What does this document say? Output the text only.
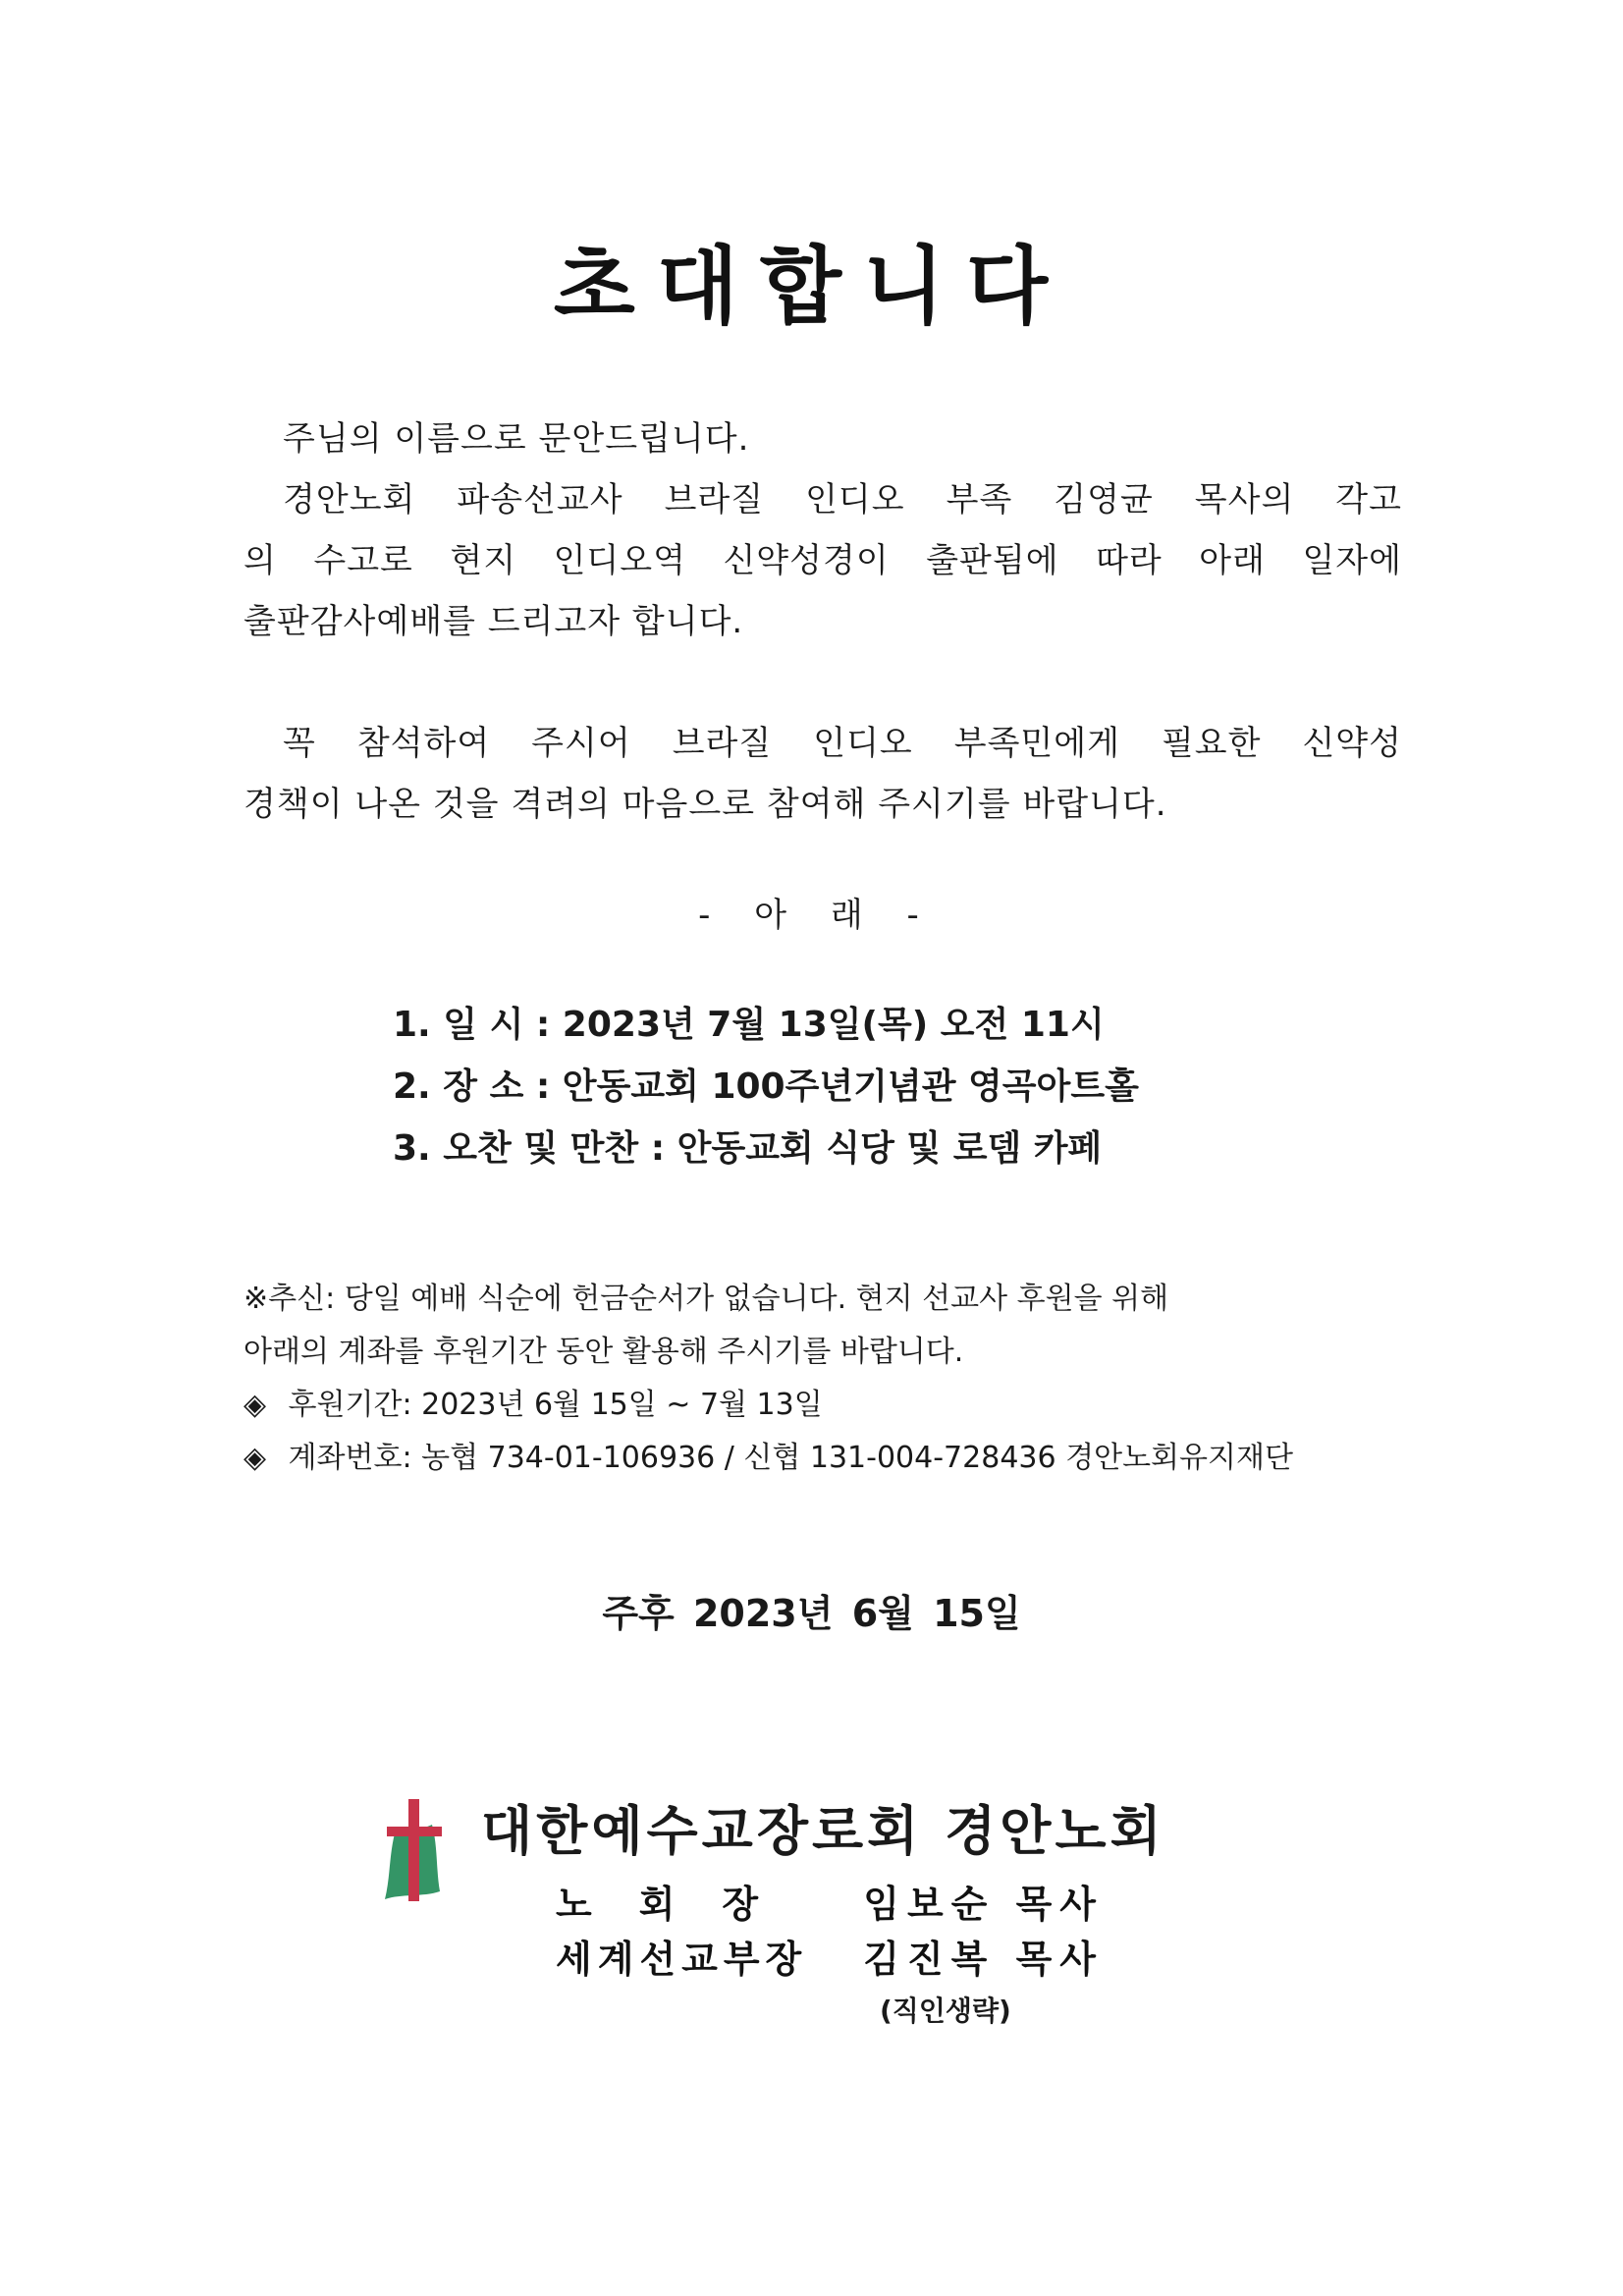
초대합니다

주님의 이름으로 문안드립니다.

경안노회 파송선교사 브라질 인디오 부족 김영균 목사의 각고

의 수고로 현지 인디오역 신약성경이 출판됨에 따라 아래 일자에

출판감사예배를 드리고자 합니다.

꼭 참석하여 주시어 브라질 인디오 부족민에게 필요한 신약성

경책이 나온 것을 격려의 마음으로 참여해 주시기를 바랍니다.

- 아 래 -
1. 일 시 : 2023년 7월 13일(목) 오전 11시
2. 장 소 : 안동교회 100주년기념관 영곡아트홀
3. 오찬 및 만찬 : 안동교회 식당 및 로뎀 카페
※추신: 당일 예배 식순에 헌금순서가 없습니다. 현지 선교사 후원을 위해
아래의 계좌를 후원기간 동안 활용해 주시기를 바랍니다.
◈ 후원기간: 2023년 6월 15일 ~ 7월 13일
◈ 계좌번호: 농협 734-01-106936 / 신협 131-004-728436 경안노회유지재단
주후 2023년 6월 15일
대한예수교장로회 경안노회
노회장 임보순 목사
세계선교부장 김진복 목사
(직인생략)
